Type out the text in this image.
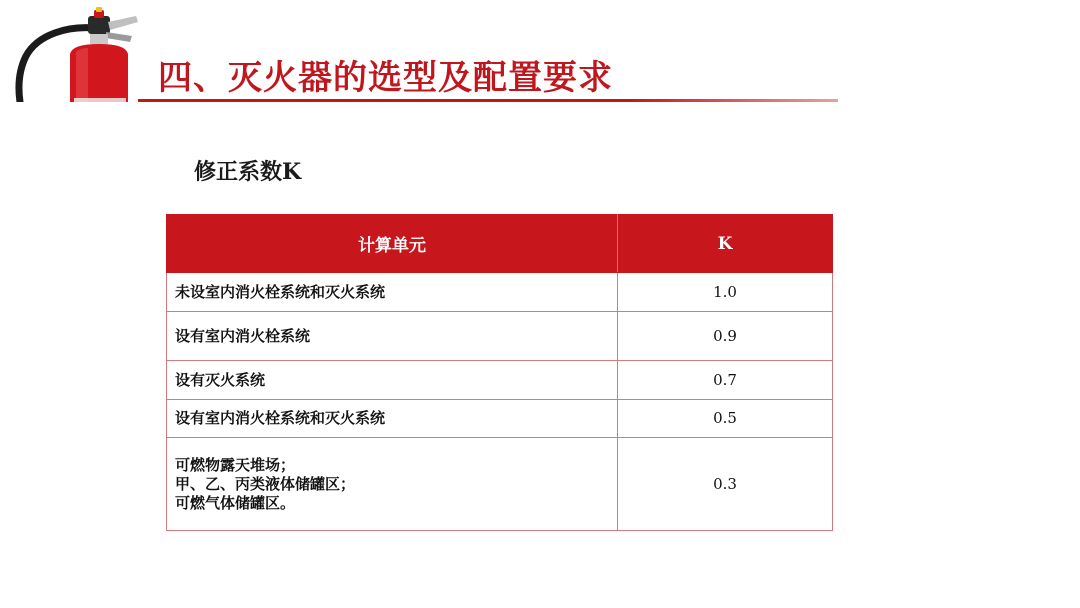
四、灭火器的选型及配置要求
修正系数K
计算单元	K

未设室内消火栓系统和灭火系统	1.0

设有室内消火栓系统	0.9

设有灭火系统	0.7

设有室内消火栓系统和灭火系统	0.5

可燃物露天堆场；
甲、乙、丙类液体储罐区；
可燃气体储罐区。	0.3
